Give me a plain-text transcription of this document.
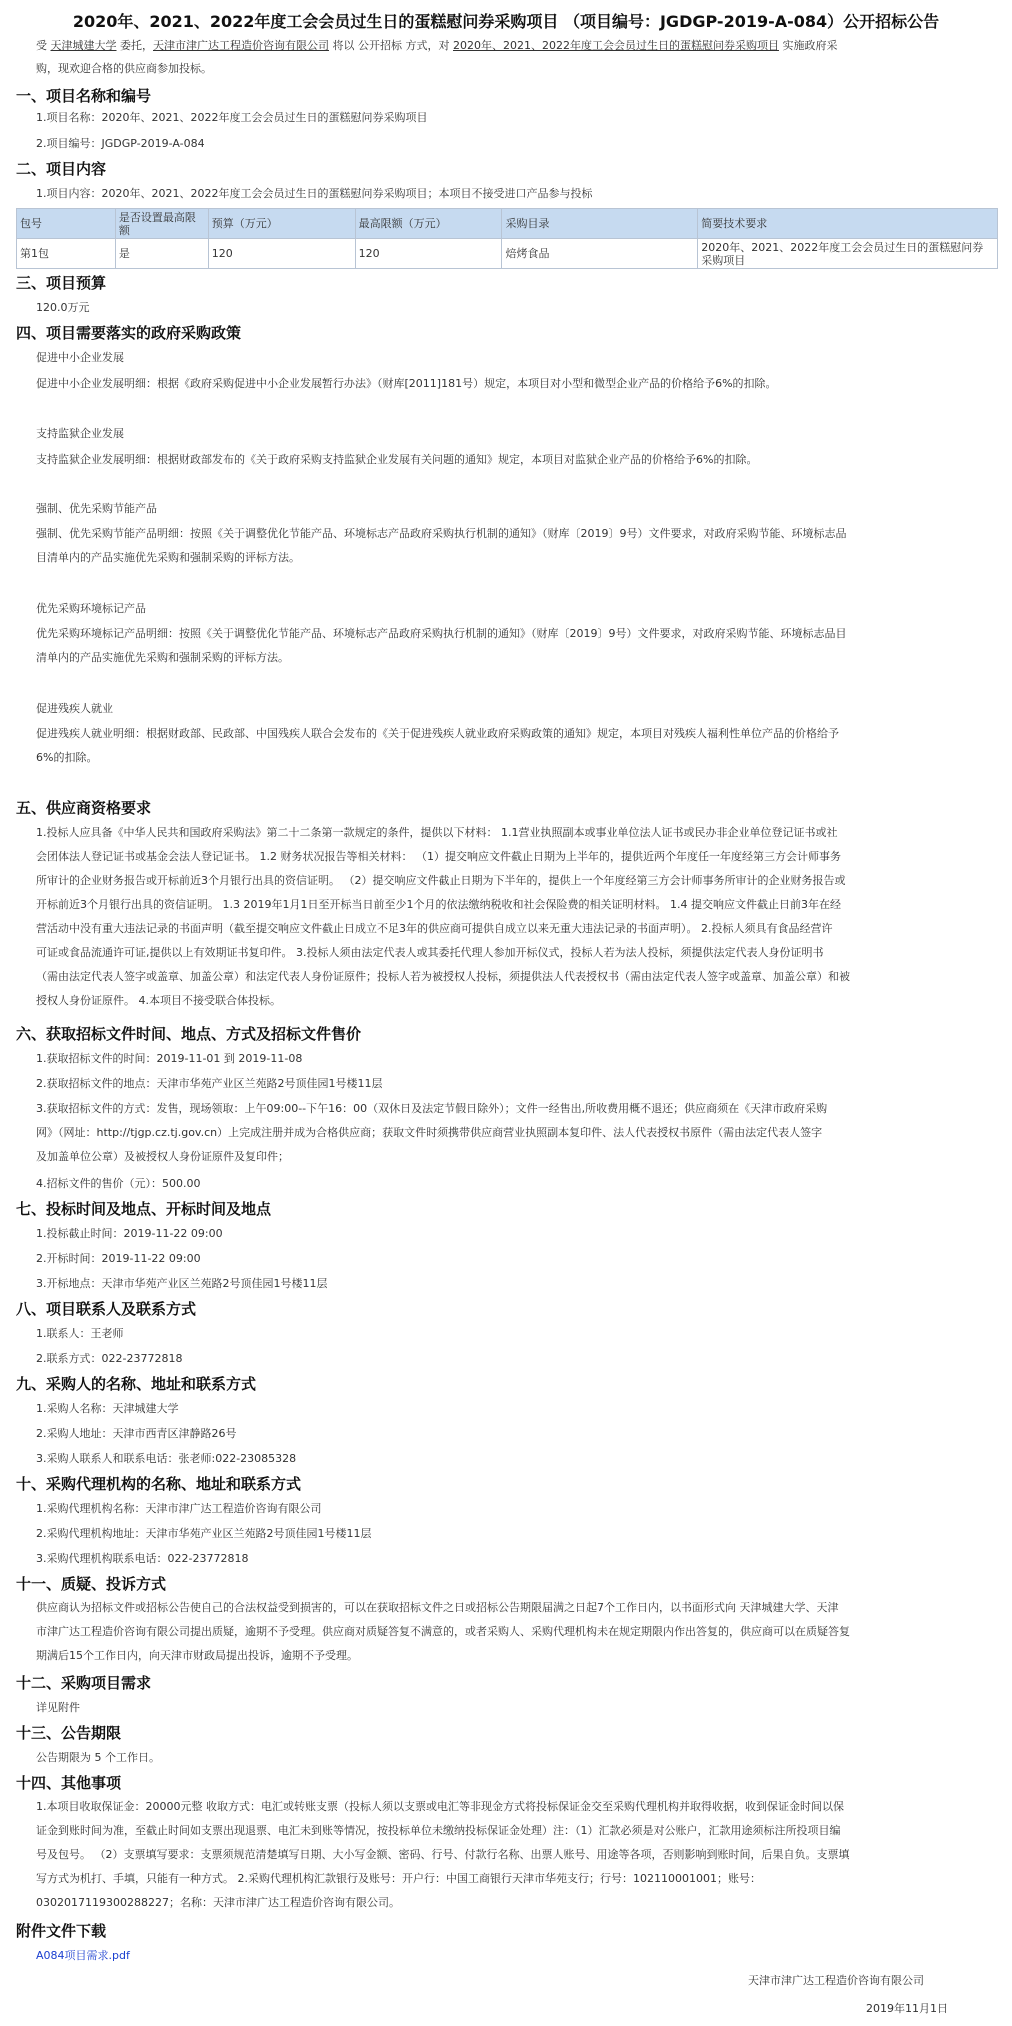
2020年、2021、2022年度工会会员过生日的蛋糕慰问券采购项目 （项目编号：JGDGP-2019-A-084）公开招标公告
受 天津城建大学 委托，天津市津广达工程造价咨询有限公司 将以 公开招标 方式，对 2020年、2021、2022年度工会会员过生日的蛋糕慰问券采购项目 实施政府采
购，现欢迎合格的供应商参加投标。
一、项目名称和编号
1.项目名称：2020年、2021、2022年度工会会员过生日的蛋糕慰问券采购项目
2.项目编号：JGDGP-2019-A-084
二、项目内容
1.项目内容：2020年、2021、2022年度工会会员过生日的蛋糕慰问券采购项目；本项目不接受进口产品参与投标
包号	是否设置最高限额	预算（万元）	最高限额（万元）	采购目录	简要技术要求
第1包	是	120	120	焙烤食品	2020年、2021、2022年度工会会员过生日的蛋糕慰问券采购项目
三、项目预算
120.0万元
四、项目需要落实的政府采购政策
促进中小企业发展
促进中小企业发展明细：根据《政府采购促进中小企业发展暂行办法》（财库[2011]181号）规定，本项目对小型和微型企业产品的价格给予6%的扣除。
支持监狱企业发展
支持监狱企业发展明细：根据财政部发布的《关于政府采购支持监狱企业发展有关问题的通知》规定，本项目对监狱企业产品的价格给予6%的扣除。
强制、优先采购节能产品
强制、优先采购节能产品明细：按照《关于调整优化节能产品、环境标志产品政府采购执行机制的通知》（财库〔2019〕9号）文件要求，对政府采购节能、环境标志品
目清单内的产品实施优先采购和强制采购的评标方法。
优先采购环境标记产品
优先采购环境标记产品明细：按照《关于调整优化节能产品、环境标志产品政府采购执行机制的通知》（财库〔2019〕9号）文件要求，对政府采购节能、环境标志品目
清单内的产品实施优先采购和强制采购的评标方法。
促进残疾人就业
促进残疾人就业明细：根据财政部、民政部、中国残疾人联合会发布的《关于促进残疾人就业政府采购政策的通知》规定，本项目对残疾人福利性单位产品的价格给予
6%的扣除。
五、供应商资格要求
1.投标人应具备《中华人民共和国政府采购法》第二十二条第一款规定的条件，提供以下材料： 1.1营业执照副本或事业单位法人证书或民办非企业单位登记证书或社
会团体法人登记证书或基金会法人登记证书。 1.2 财务状况报告等相关材料： （1）提交响应文件截止日期为上半年的，提供近两个年度任一年度经第三方会计师事务
所审计的企业财务报告或开标前近3个月银行出具的资信证明。 （2）提交响应文件截止日期为下半年的，提供上一个年度经第三方会计师事务所审计的企业财务报告或
开标前近3个月银行出具的资信证明。 1.3 2019年1月1日至开标当日前至少1个月的依法缴纳税收和社会保险费的相关证明材料。 1.4 提交响应文件截止日前3年在经
营活动中没有重大违法记录的书面声明（截至提交响应文件截止日成立不足3年的供应商可提供自成立以来无重大违法记录的书面声明）。 2.投标人须具有食品经营许
可证或食品流通许可证,提供以上有效期证书复印件。 3.投标人须由法定代表人或其委托代理人参加开标仪式，投标人若为法人投标，须提供法定代表人身份证明书
（需由法定代表人签字或盖章、加盖公章）和法定代表人身份证原件；投标人若为被授权人投标，须提供法人代表授权书（需由法定代表人签字或盖章、加盖公章）和被
授权人身份证原件。 4.本项目不接受联合体投标。
六、获取招标文件时间、地点、方式及招标文件售价
1.获取招标文件的时间：2019-11-01 到 2019-11-08
2.获取招标文件的地点：天津市华苑产业区兰苑路2号顶佳园1号楼11层
3.获取招标文件的方式：发售，现场领取：上午09:00--下午16：00（双休日及法定节假日除外）；文件一经售出,所收费用概不退还；供应商须在《天津市政府采购
网》（网址：http://tjgp.cz.tj.gov.cn）上完成注册并成为合格供应商；获取文件时须携带供应商营业执照副本复印件、法人代表授权书原件（需由法定代表人签字
及加盖单位公章）及被授权人身份证原件及复印件；
4.招标文件的售价（元）：500.00
七、投标时间及地点、开标时间及地点
1.投标截止时间：2019-11-22 09:00
2.开标时间：2019-11-22 09:00
3.开标地点：天津市华苑产业区兰苑路2号顶佳园1号楼11层
八、项目联系人及联系方式
1.联系人：王老师
2.联系方式：022-23772818
九、采购人的名称、地址和联系方式
1.采购人名称：天津城建大学
2.采购人地址：天津市西青区津静路26号
3.采购人联系人和联系电话：张老师:022-23085328
十、采购代理机构的名称、地址和联系方式
1.采购代理机构名称：天津市津广达工程造价咨询有限公司
2.采购代理机构地址：天津市华苑产业区兰苑路2号顶佳园1号楼11层
3.采购代理机构联系电话：022-23772818
十一、质疑、投诉方式
供应商认为招标文件或招标公告使自己的合法权益受到损害的，可以在获取招标文件之日或招标公告期限届满之日起7个工作日内，以书面形式向 天津城建大学、天津
市津广达工程造价咨询有限公司提出质疑，逾期不予受理。供应商对质疑答复不满意的，或者采购人、采购代理机构未在规定期限内作出答复的，供应商可以在质疑答复
期满后15个工作日内，向天津市财政局提出投诉，逾期不予受理。
十二、采购项目需求
详见附件
十三、公告期限
公告期限为 5 个工作日。
十四、其他事项
1.本项目收取保证金：20000元整 收取方式：电汇或转账支票（投标人须以支票或电汇等非现金方式将投标保证金交至采购代理机构并取得收据，收到保证金时间以保
证金到账时间为准，至截止时间如支票出现退票、电汇未到账等情况，按投标单位未缴纳投标保证金处理）注：（1）汇款必须是对公账户，汇款用途须标注所投项目编
号及包号。 （2）支票填写要求：支票须规范清楚填写日期、大小写金额、密码、行号、付款行名称、出票人账号、用途等各项，否则影响到账时间，后果自负。支票填
写方式为机打、手填，只能有一种方式。 2.采购代理机构汇款银行及账号：开户行：中国工商银行天津市华苑支行；行号：102110001001；账号：
0302017119300288227；名称：天津市津广达工程造价咨询有限公司。
附件文件下载
A084项目需求.pdf
天津市津广达工程造价咨询有限公司
2019年11月1日
